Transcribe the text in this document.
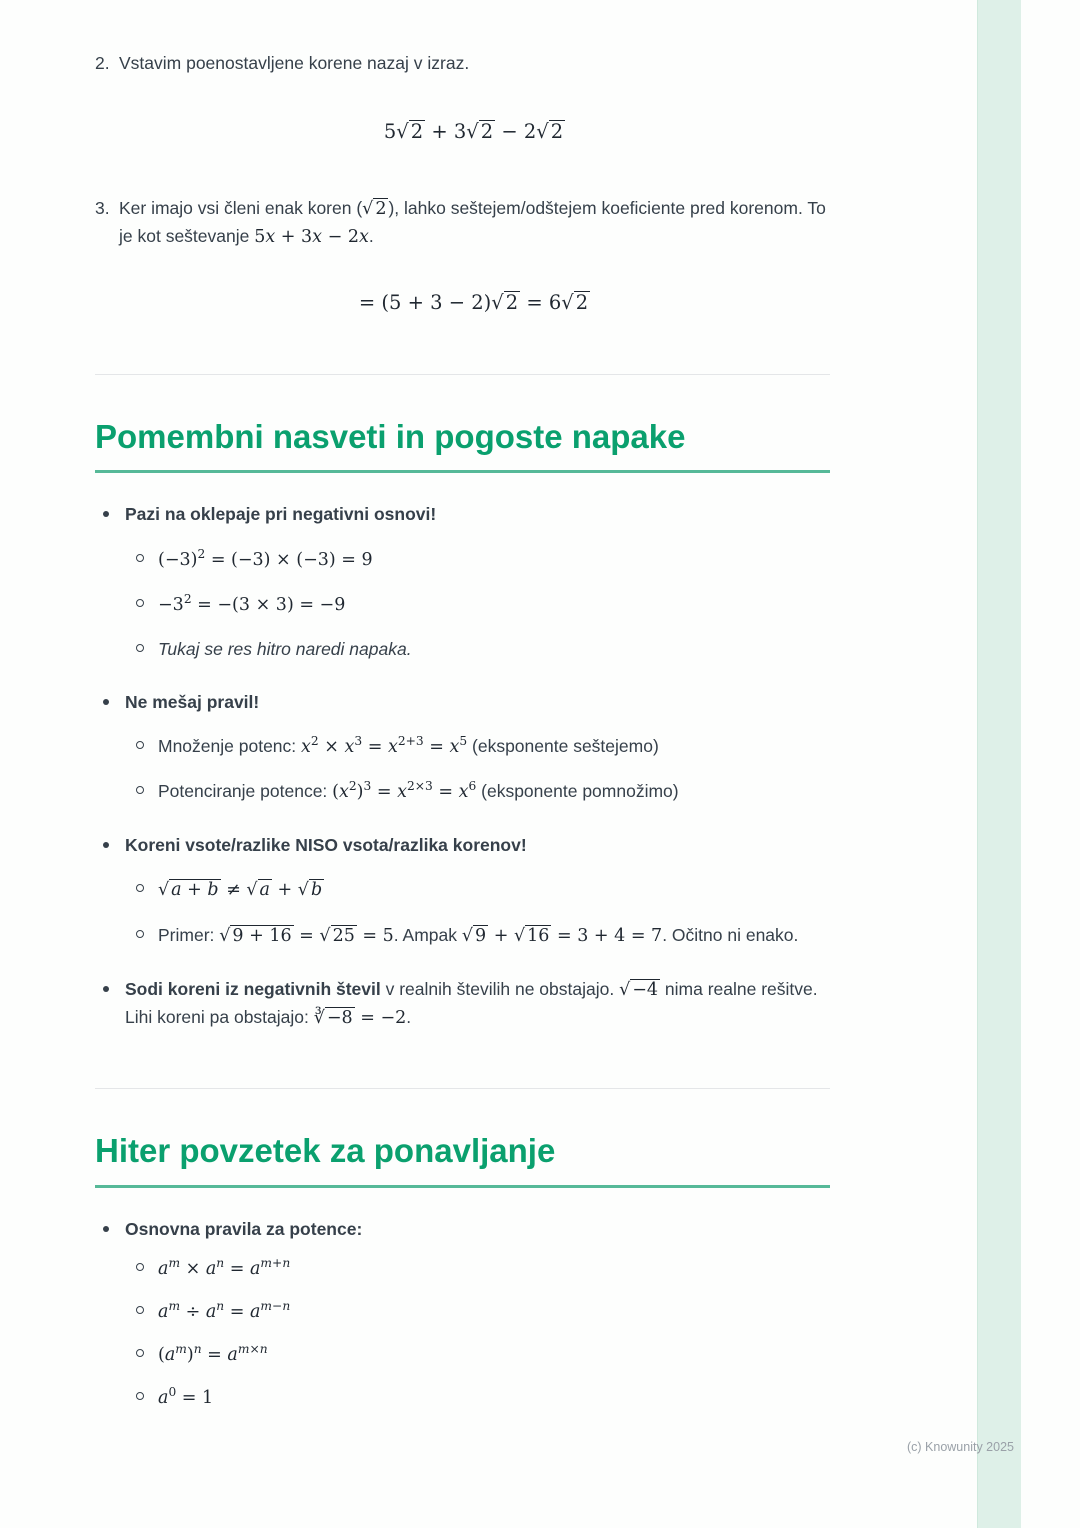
2. Vstavim poenostavljene korene nazaj v izraz.

5√ 2 + 3√ 2 − 2√ 2
3. Ker imajo vsi členi enak koren (√ 2 ), lahko seštejem/odštejem koeficiente pred korenom. To je kot seštevanje 5x + 3x − 2x.

= (5 + 3 − 2)√ 2 = 6√ 2
Pomembni nasveti in pogoste napake

Pazi na oklepaje pri negativni osnovi!

$(-3)^2 = (-3) \times (-3) = 9$
$-3^2 = -(3 \times 3) = -9$
Tukaj se res hitro naredi napaka.

Ne mešaj pravil!

Množenje potenc: $x^2 \times x^3 = x^{2+3} = x^5$ (eksponente seštejemo)
Potenciranje potence: $(x^2)^3 = x^{2\times 3} = x^6$ (eksponente pomnožimo)

Koreni vsote/razlike NISO vsota/razlika korenov!

√ a + b ≠ √ a + √ b
Primer: √ 9 + 16 = √ 25 = 5. Ampak √ 9 + √ 16 = 3 + 4 = 7. Očitno ni enako.

Sodi koreni iz negativnih števil v realnih številih ne obstajajo. √ −4 nima realne rešitve. Lihi koreni pa obstajajo: ∛ −8 = −2.

Hiter povzetek za ponavljanje

Osnovna pravila za potence:

$a^m \times a^n = a^{m+n}$
$a^m \div a^n = a^{m-n}$
$(a^m)^n = a^{m\times n}$
$a^0 = 1$
(c) Knowunity 2025
